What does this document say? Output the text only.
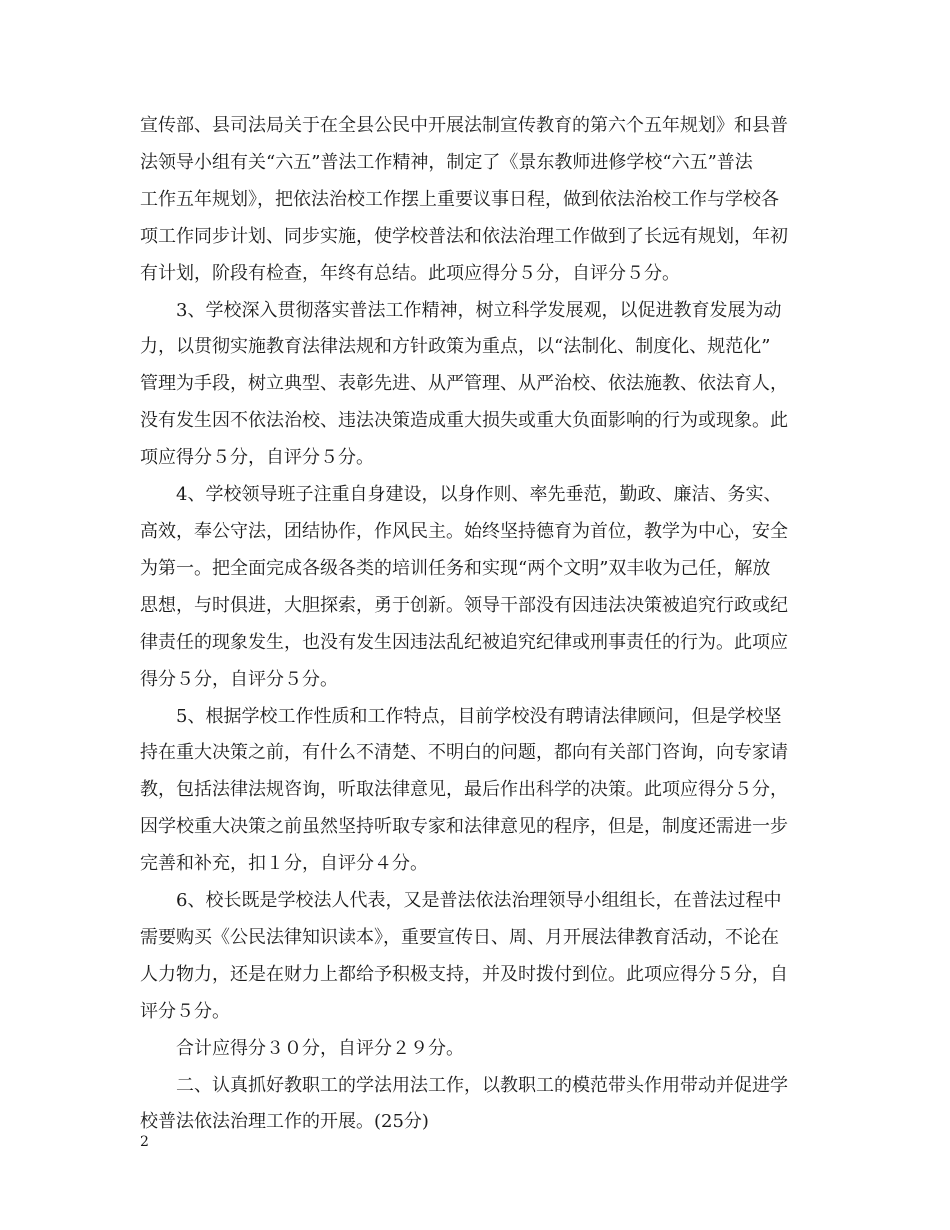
宣传部、县司法局关于在全县公民中开展法制宣传教育的第六个五年规划》和县普
法领导小组有关“六五”普法工作精神，制定了《景东教师进修学校“六五”普法
工作五年规划》，把依法治校工作摆上重要议事日程，做到依法治校工作与学校各
项工作同步计划、同步实施，使学校普法和依法治理工作做到了长远有规划，年初
有计划，阶段有检查，年终有总结。此项应得分５分，自评分５分。

3、学校深入贯彻落实普法工作精神，树立科学发展观，以促进教育发展为动
力，以贯彻实施教育法律法规和方针政策为重点，以“法制化、制度化、规范化”
管理为手段，树立典型、表彰先进、从严管理、从严治校、依法施教、依法育人，
没有发生因不依法治校、违法决策造成重大损失或重大负面影响的行为或现象。此
项应得分５分，自评分５分。

4、学校领导班子注重自身建设，以身作则、率先垂范，勤政、廉洁、务实、
高效，奉公守法，团结协作，作风民主。始终坚持德育为首位，教学为中心，安全
为第一。把全面完成各级各类的培训任务和实现“两个文明”双丰收为己任，解放
思想，与时俱进，大胆探索，勇于创新。领导干部没有因违法决策被追究行政或纪
律责任的现象发生，也没有发生因违法乱纪被追究纪律或刑事责任的行为。此项应
得分５分，自评分５分。

5、根据学校工作性质和工作特点，目前学校没有聘请法律顾问，但是学校坚
持在重大决策之前，有什么不清楚、不明白的问题，都向有关部门咨询，向专家请
教，包括法律法规咨询，听取法律意见，最后作出科学的决策。此项应得分５分，
因学校重大决策之前虽然坚持听取专家和法律意见的程序，但是，制度还需进一步
完善和补充，扣１分，自评分４分。

6、校长既是学校法人代表，又是普法依法治理领导小组组长，在普法过程中
需要购买《公民法律知识读本》，重要宣传日、周、月开展法律教育活动，不论在
人力物力，还是在财力上都给予积极支持，并及时拨付到位。此项应得分５分，自
评分５分。

合计应得分３０分，自评分２９分。

二、认真抓好教职工的学法用法工作，以教职工的模范带头作用带动并促进学
校普法依法治理工作的开展。(25分)

2
